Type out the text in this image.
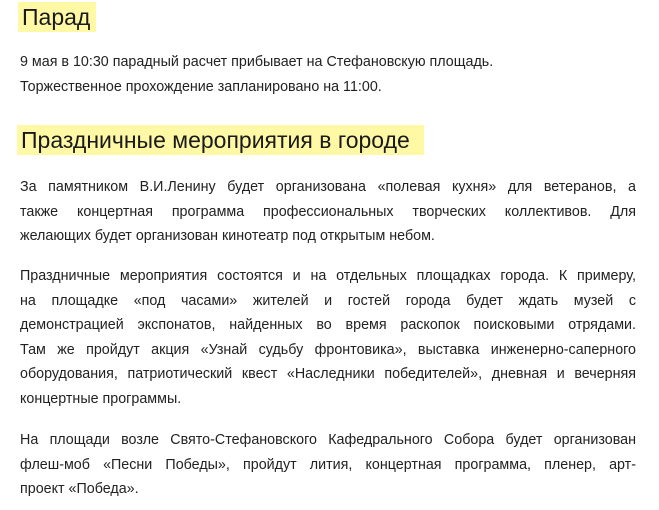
Парад

9 мая в 10:30 парадный расчет прибывает на Стефановскую площадь.
Торжественное прохождение запланировано на 11:00.

Праздничные мероприятия в городе

За памятником В.И.Ленину будет организована «полевая кухня» для ветеранов, а
также концертная программа профессиональных творческих коллективов. Для
желающих будет организован кинотеатр под открытым небом.

Праздничные мероприятия состоятся и на отдельных площадках города. К примеру,
на площадке «под часами» жителей и гостей города будет ждать музей с
демонстрацией экспонатов, найденных во время раскопок поисковыми отрядами.
Там же пройдут акция «Узнай судьбу фронтовика», выставка инженерно-саперного
оборудования, патриотический квест «Наследники победителей», дневная и вечерняя
концертные программы.

На площади возле Свято-Стефановского Кафедрального Собора будет организован
флеш-моб «Песни Победы», пройдут лития, концертная программа, пленер, арт-
проект «Победа».
